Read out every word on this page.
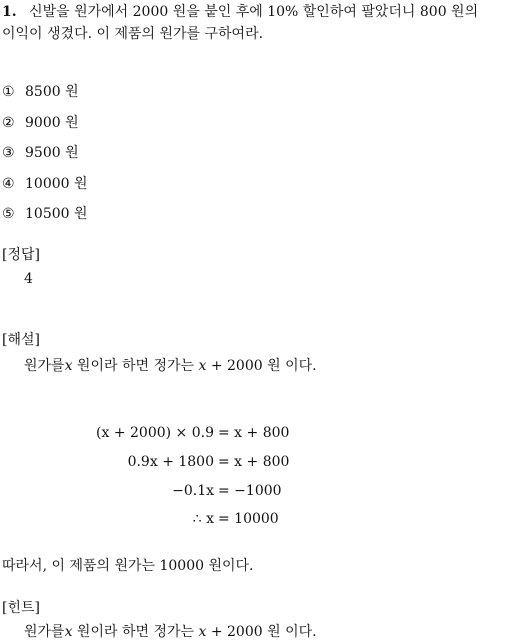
1. 신발을 원가에서 2000 원을 붙인 후에 10% 할인하여 팔았더니 800 원의
이익이 생겼다. 이 제품의 원가를 구하여라.
① 8500 원
② 9000 원
③ 9500 원
④ 10000 원
⑤ 10500 원
[정답]
4
[해설]
원가를x 원이라 하면 정가는 x + 2000 원 이다.
(x + 2000) × 0.9 = x + 800
0.9x + 1800 = x + 800
−0.1x = −1000
∴ x = 10000
따라서, 이 제품의 원가는 10000 원이다.
[힌트]
원가를x 원이라 하면 정가는 x + 2000 원 이다.
